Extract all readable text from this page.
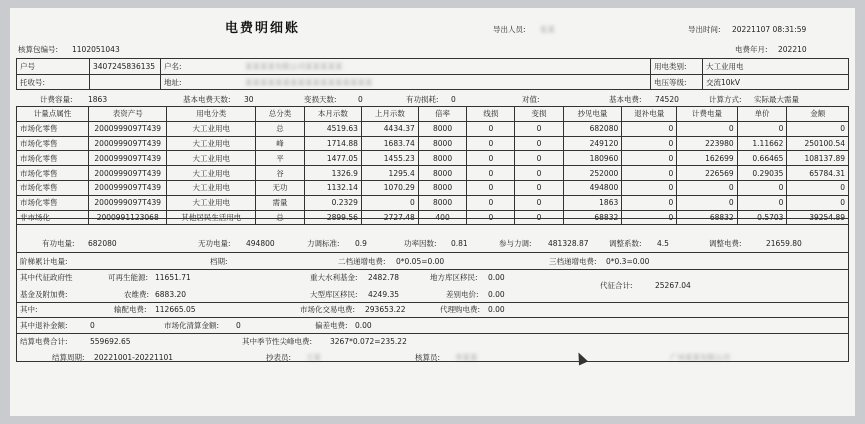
电费明细账	导出人员: 张某	导出时间: 20221107 08:31:59
核算包编号: 1102051043	电费年月: 202210
户号	3407245836135 户名:	某某某某有限公司某某某某某	用电类别:	大工业用电
托收号:	地址:	某某某某某某某某某某某某某某某某某	电压等级:	交流10kV
计费容量: 1863	基本电费天数: 30	变损天数:	0	有功损耗: 0	对值:	基本电费: 74520	计算方式: 实际最大需量
计量点属性	表资产号	用电分类	总分类	本月示数	上月示数	倍率	线损	变损	抄见电量	退补电量	计费电量	单价	金额
市场化零售	2000999097T439	大工业用电	总	4519.63	4434.37	8000	0	0	682080	0	0	0	0
市场化零售	2000999097T439	大工业用电	峰	1714.88	1683.74	8000	0	0	249120	0	223980	1.11662	250100.54
市场化零售	2000999097T439	大工业用电	平	1477.05	1455.23	8000	0	0	180960	0	162699	0.66465	108137.89
市场化零售	2000999097T439	大工业用电	谷	1326.9	1295.4	8000	0	0	252000	0	226569	0.29035	65784.31
市场化零售	2000999097T439	大工业用电	无功	1132.14	1070.29	8000	0	0	494800	0	0	0	0
市场化零售	2000999097T439	大工业用电	需量	0.2329	0	8000	0	0	1863	0	0	0	0
非市场化	2000991123068	其他居民生活用电	总	2899.56	2727.48	400	0	0	68832	0	68832	0.5703	39254.89
有功电量: 682080	无功电量: 494800	力调标准: 0.9	功率因数: 0.81	参与力调: 481328.87	调整系数: 4.5	调整电费:	21659.80
阶梯累计电量:	档期:	二档递增电费: 0*0.05=0.00	三档递增电费: 0*0.3=0.00
其中代征政府性
基金及附加费:
可再生能源: 11651.71	重大水利基金: 2482.78	地方库区移民: 0.00
农维费: 6883.20	大型库区移民: 4249.35	差别电价: 0.00
代征合计:	25267.04
其中:	输配电费: 112665.05	市场化交易电费: 293653.22	代理购电费: 0.00
其中退补金额:	0	市场化清算金额: 0	偏差电费: 0.00
结算电费合计:	559692.65	其中季节性尖峰电费: 3267*0.072=235.22
结算周期: 20221001-20221101	抄表员: 王某	核算员: 李某某	广州某某有限公司
